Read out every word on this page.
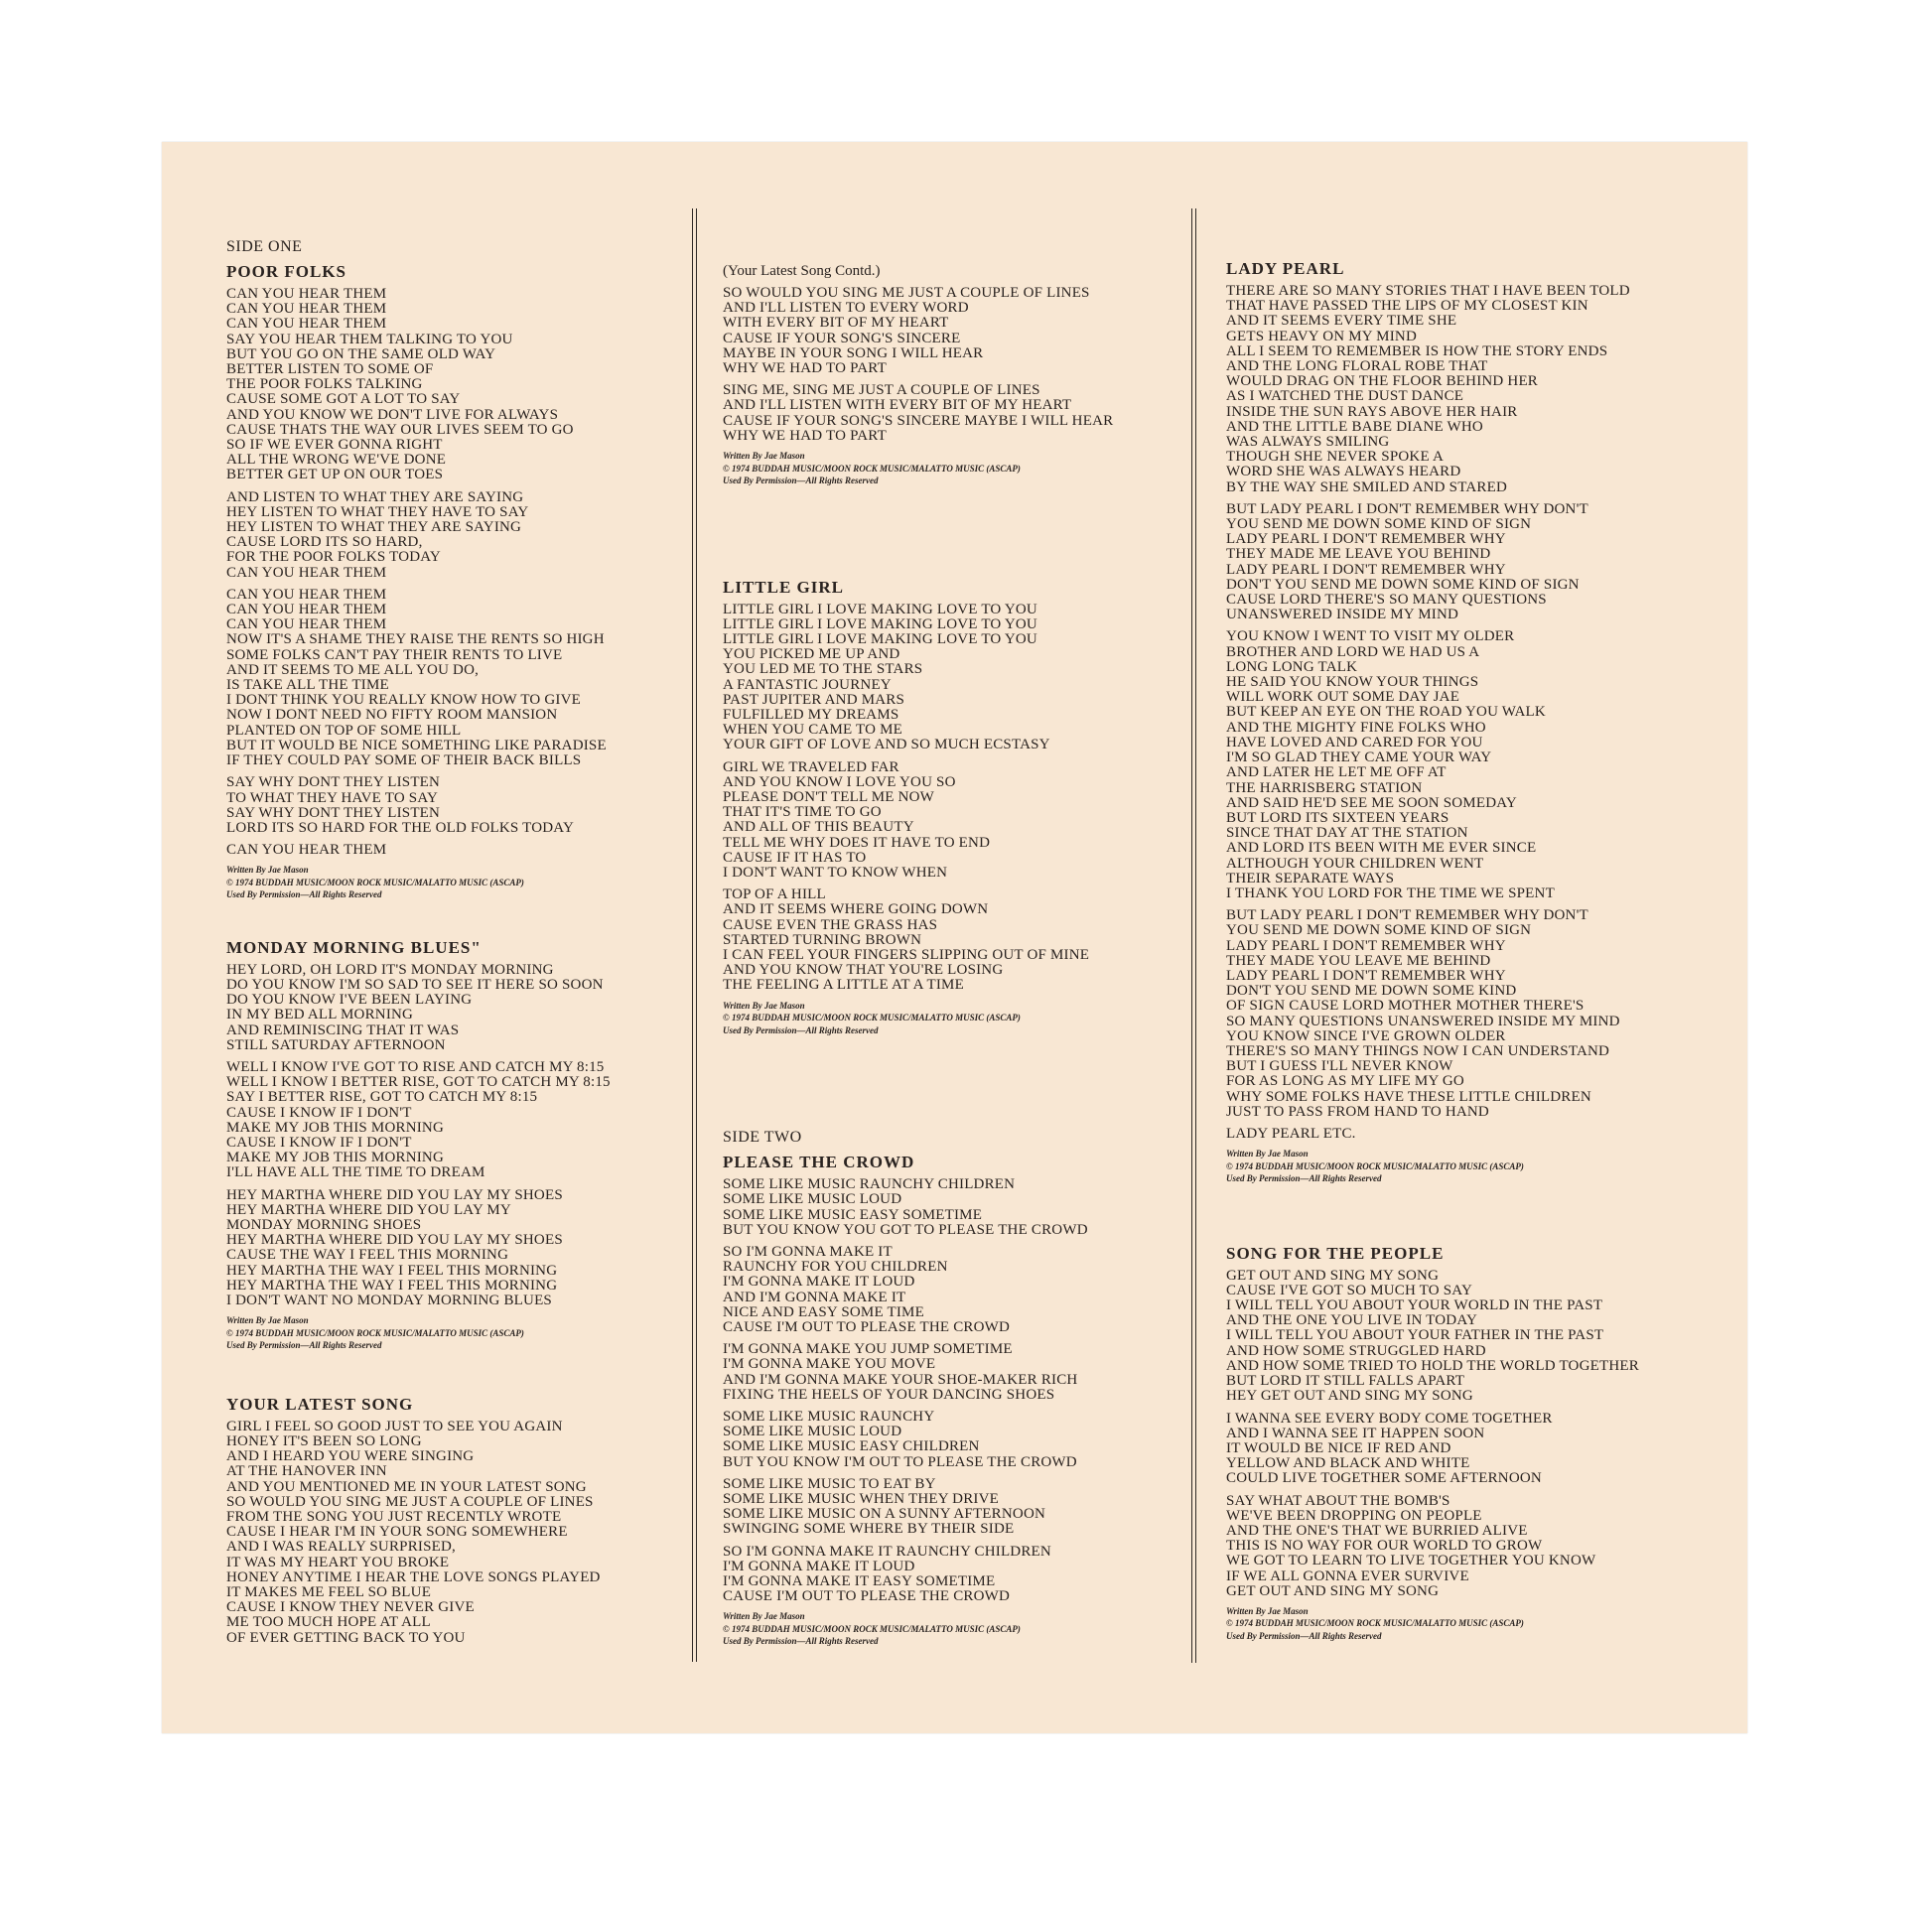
SIDE ONE
POOR FOLKS
CAN YOU HEAR THEM
CAN YOU HEAR THEM
CAN YOU HEAR THEM
SAY YOU HEAR THEM TALKING TO YOU
BUT YOU GO ON THE SAME OLD WAY
BETTER LISTEN TO SOME OF
THE POOR FOLKS TALKING
CAUSE SOME GOT A LOT TO SAY
AND YOU KNOW WE DON'T LIVE FOR ALWAYS
CAUSE THATS THE WAY OUR LIVES SEEM TO GO
SO IF WE EVER GONNA RIGHT
ALL THE WRONG WE'VE DONE
BETTER GET UP ON OUR TOES
AND LISTEN TO WHAT THEY ARE SAYING
HEY LISTEN TO WHAT THEY HAVE TO SAY
HEY LISTEN TO WHAT THEY ARE SAYING
CAUSE LORD ITS SO HARD,
FOR THE POOR FOLKS TODAY
CAN YOU HEAR THEM
CAN YOU HEAR THEM
CAN YOU HEAR THEM
CAN YOU HEAR THEM
NOW IT'S A SHAME THEY RAISE THE RENTS SO HIGH
SOME FOLKS CAN'T PAY THEIR RENTS TO LIVE
AND IT SEEMS TO ME ALL YOU DO,
IS TAKE ALL THE TIME
I DONT THINK YOU REALLY KNOW HOW TO GIVE
NOW I DONT NEED NO FIFTY ROOM MANSION
PLANTED ON TOP OF SOME HILL
BUT IT WOULD BE NICE SOMETHING LIKE PARADISE
IF THEY COULD PAY SOME OF THEIR BACK BILLS
SAY WHY DONT THEY LISTEN
TO WHAT THEY HAVE TO SAY
SAY WHY DONT THEY LISTEN
LORD ITS SO HARD FOR THE OLD FOLKS TODAY
CAN YOU HEAR THEM
Written By Jae Mason
© 1974 BUDDAH MUSIC/MOON ROCK MUSIC/MALATTO MUSIC (ASCAP)
Used By Permission—All Rights Reserved
MONDAY MORNING BLUES"
HEY LORD, OH LORD IT'S MONDAY MORNING
DO YOU KNOW I'M SO SAD TO SEE IT HERE SO SOON
DO YOU KNOW I'VE BEEN LAYING
IN MY BED ALL MORNING
AND REMINISCING THAT IT WAS
STILL SATURDAY AFTERNOON
WELL I KNOW I'VE GOT TO RISE AND CATCH MY 8:15
WELL I KNOW I BETTER RISE, GOT TO CATCH MY 8:15
SAY I BETTER RISE, GOT TO CATCH MY 8:15
CAUSE I KNOW IF I DON'T
MAKE MY JOB THIS MORNING
CAUSE I KNOW IF I DON'T
MAKE MY JOB THIS MORNING
I'LL HAVE ALL THE TIME TO DREAM
HEY MARTHA WHERE DID YOU LAY MY SHOES
HEY MARTHA WHERE DID YOU LAY MY
MONDAY MORNING SHOES
HEY MARTHA WHERE DID YOU LAY MY SHOES
CAUSE THE WAY I FEEL THIS MORNING
HEY MARTHA THE WAY I FEEL THIS MORNING
HEY MARTHA THE WAY I FEEL THIS MORNING
I DON'T WANT NO MONDAY MORNING BLUES
Written By Jae Mason
© 1974 BUDDAH MUSIC/MOON ROCK MUSIC/MALATTO MUSIC (ASCAP)
Used By Permission—All Rights Reserved
YOUR LATEST SONG
GIRL I FEEL SO GOOD JUST TO SEE YOU AGAIN
HONEY IT'S BEEN SO LONG
AND I HEARD YOU WERE SINGING
AT THE HANOVER INN
AND YOU MENTIONED ME IN YOUR LATEST SONG
SO WOULD YOU SING ME JUST A COUPLE OF LINES
FROM THE SONG YOU JUST RECENTLY WROTE
CAUSE I HEAR I'M IN YOUR SONG SOMEWHERE
AND I WAS REALLY SURPRISED,
IT WAS MY HEART YOU BROKE
HONEY ANYTIME I HEAR THE LOVE SONGS PLAYED
IT MAKES ME FEEL SO BLUE
CAUSE I KNOW THEY NEVER GIVE
ME TOO MUCH HOPE AT ALL
OF EVER GETTING BACK TO YOU
(Your Latest Song Contd.)
SO WOULD YOU SING ME JUST A COUPLE OF LINES
AND I'LL LISTEN TO EVERY WORD
WITH EVERY BIT OF MY HEART
CAUSE IF YOUR SONG'S SINCERE
MAYBE IN YOUR SONG I WILL HEAR
WHY WE HAD TO PART
SING ME, SING ME JUST A COUPLE OF LINES
AND I'LL LISTEN WITH EVERY BIT OF MY HEART
CAUSE IF YOUR SONG'S SINCERE MAYBE I WILL HEAR
WHY WE HAD TO PART
Written By Jae Mason
© 1974 BUDDAH MUSIC/MOON ROCK MUSIC/MALATTO MUSIC (ASCAP)
Used By Permission—All Rights Reserved
LITTLE GIRL
LITTLE GIRL I LOVE MAKING LOVE TO YOU
LITTLE GIRL I LOVE MAKING LOVE TO YOU
LITTLE GIRL I LOVE MAKING LOVE TO YOU
YOU PICKED ME UP AND
YOU LED ME TO THE STARS
A FANTASTIC JOURNEY
PAST JUPITER AND MARS
FULFILLED MY DREAMS
WHEN YOU CAME TO ME
YOUR GIFT OF LOVE AND SO MUCH ECSTASY
GIRL WE TRAVELED FAR
AND YOU KNOW I LOVE YOU SO
PLEASE DON'T TELL ME NOW
THAT IT'S TIME TO GO
AND ALL OF THIS BEAUTY
TELL ME WHY DOES IT HAVE TO END
CAUSE IF IT HAS TO
I DON'T WANT TO KNOW WHEN
TOP OF A HILL
AND IT SEEMS WHERE GOING DOWN
CAUSE EVEN THE GRASS HAS
STARTED TURNING BROWN
I CAN FEEL YOUR FINGERS SLIPPING OUT OF MINE
AND YOU KNOW THAT YOU'RE LOSING
THE FEELING A LITTLE AT A TIME
Written By Jae Mason
© 1974 BUDDAH MUSIC/MOON ROCK MUSIC/MALATTO MUSIC (ASCAP)
Used By Permission—All Rights Reserved
SIDE TWO
PLEASE THE CROWD
SOME LIKE MUSIC RAUNCHY CHILDREN
SOME LIKE MUSIC LOUD
SOME LIKE MUSIC EASY SOMETIME
BUT YOU KNOW YOU GOT TO PLEASE THE CROWD
SO I'M GONNA MAKE IT
RAUNCHY FOR YOU CHILDREN
I'M GONNA MAKE IT LOUD
AND I'M GONNA MAKE IT
NICE AND EASY SOME TIME
CAUSE I'M OUT TO PLEASE THE CROWD
I'M GONNA MAKE YOU JUMP SOMETIME
I'M GONNA MAKE YOU MOVE
AND I'M GONNA MAKE YOUR SHOE-MAKER RICH
FIXING THE HEELS OF YOUR DANCING SHOES
SOME LIKE MUSIC RAUNCHY
SOME LIKE MUSIC LOUD
SOME LIKE MUSIC EASY CHILDREN
BUT YOU KNOW I'M OUT TO PLEASE THE CROWD
SOME LIKE MUSIC TO EAT BY
SOME LIKE MUSIC WHEN THEY DRIVE
SOME LIKE MUSIC ON A SUNNY AFTERNOON
SWINGING SOME WHERE BY THEIR SIDE
SO I'M GONNA MAKE IT RAUNCHY CHILDREN
I'M GONNA MAKE IT LOUD
I'M GONNA MAKE IT EASY SOMETIME
CAUSE I'M OUT TO PLEASE THE CROWD
Written By Jae Mason
© 1974 BUDDAH MUSIC/MOON ROCK MUSIC/MALATTO MUSIC (ASCAP)
Used By Permission—All Rights Reserved
LADY PEARL
THERE ARE SO MANY STORIES THAT I HAVE BEEN TOLD
THAT HAVE PASSED THE LIPS OF MY CLOSEST KIN
AND IT SEEMS EVERY TIME SHE
GETS HEAVY ON MY MIND
ALL I SEEM TO REMEMBER IS HOW THE STORY ENDS
AND THE LONG FLORAL ROBE THAT
WOULD DRAG ON THE FLOOR BEHIND HER
AS I WATCHED THE DUST DANCE
INSIDE THE SUN RAYS ABOVE HER HAIR
AND THE LITTLE BABE DIANE WHO
WAS ALWAYS SMILING
THOUGH SHE NEVER SPOKE A
WORD SHE WAS ALWAYS HEARD
BY THE WAY SHE SMILED AND STARED
BUT LADY PEARL I DON'T REMEMBER WHY DON'T
YOU SEND ME DOWN SOME KIND OF SIGN
LADY PEARL I DON'T REMEMBER WHY
THEY MADE ME LEAVE YOU BEHIND
LADY PEARL I DON'T REMEMBER WHY
DON'T YOU SEND ME DOWN SOME KIND OF SIGN
CAUSE LORD THERE'S SO MANY QUESTIONS
UNANSWERED INSIDE MY MIND
YOU KNOW I WENT TO VISIT MY OLDER
BROTHER AND LORD WE HAD US A
LONG LONG TALK
HE SAID YOU KNOW YOUR THINGS
WILL WORK OUT SOME DAY JAE
BUT KEEP AN EYE ON THE ROAD YOU WALK
AND THE MIGHTY FINE FOLKS WHO
HAVE LOVED AND CARED FOR YOU
I'M SO GLAD THEY CAME YOUR WAY
AND LATER HE LET ME OFF AT
THE HARRISBERG STATION
AND SAID HE'D SEE ME SOON SOMEDAY
BUT LORD ITS SIXTEEN YEARS
SINCE THAT DAY AT THE STATION
AND LORD ITS BEEN WITH ME EVER SINCE
ALTHOUGH YOUR CHILDREN WENT
THEIR SEPARATE WAYS
I THANK YOU LORD FOR THE TIME WE SPENT
BUT LADY PEARL I DON'T REMEMBER WHY DON'T
YOU SEND ME DOWN SOME KIND OF SIGN
LADY PEARL I DON'T REMEMBER WHY
THEY MADE YOU LEAVE ME BEHIND
LADY PEARL I DON'T REMEMBER WHY
DON'T YOU SEND ME DOWN SOME KIND
OF SIGN CAUSE LORD MOTHER MOTHER THERE'S
SO MANY QUESTIONS UNANSWERED INSIDE MY MIND
YOU KNOW SINCE I'VE GROWN OLDER
THERE'S SO MANY THINGS NOW I CAN UNDERSTAND
BUT I GUESS I'LL NEVER KNOW
FOR AS LONG AS MY LIFE MY GO
WHY SOME FOLKS HAVE THESE LITTLE CHILDREN
JUST TO PASS FROM HAND TO HAND
LADY PEARL ETC.
Written By Jae Mason
© 1974 BUDDAH MUSIC/MOON ROCK MUSIC/MALATTO MUSIC (ASCAP)
Used By Permission—All Rights Reserved
SONG FOR THE PEOPLE
GET OUT AND SING MY SONG
CAUSE I'VE GOT SO MUCH TO SAY
I WILL TELL YOU ABOUT YOUR WORLD IN THE PAST
AND THE ONE YOU LIVE IN TODAY
I WILL TELL YOU ABOUT YOUR FATHER IN THE PAST
AND HOW SOME STRUGGLED HARD
AND HOW SOME TRIED TO HOLD THE WORLD TOGETHER
BUT LORD IT STILL FALLS APART
HEY GET OUT AND SING MY SONG
I WANNA SEE EVERY BODY COME TOGETHER
AND I WANNA SEE IT HAPPEN SOON
IT WOULD BE NICE IF RED AND
YELLOW AND BLACK AND WHITE
COULD LIVE TOGETHER SOME AFTERNOON
SAY WHAT ABOUT THE BOMB'S
WE'VE BEEN DROPPING ON PEOPLE
AND THE ONE'S THAT WE BURRIED ALIVE
THIS IS NO WAY FOR OUR WORLD TO GROW
WE GOT TO LEARN TO LIVE TOGETHER YOU KNOW
IF WE ALL GONNA EVER SURVIVE
GET OUT AND SING MY SONG
Written By Jae Mason
© 1974 BUDDAH MUSIC/MOON ROCK MUSIC/MALATTO MUSIC (ASCAP)
Used By Permission—All Rights Reserved
